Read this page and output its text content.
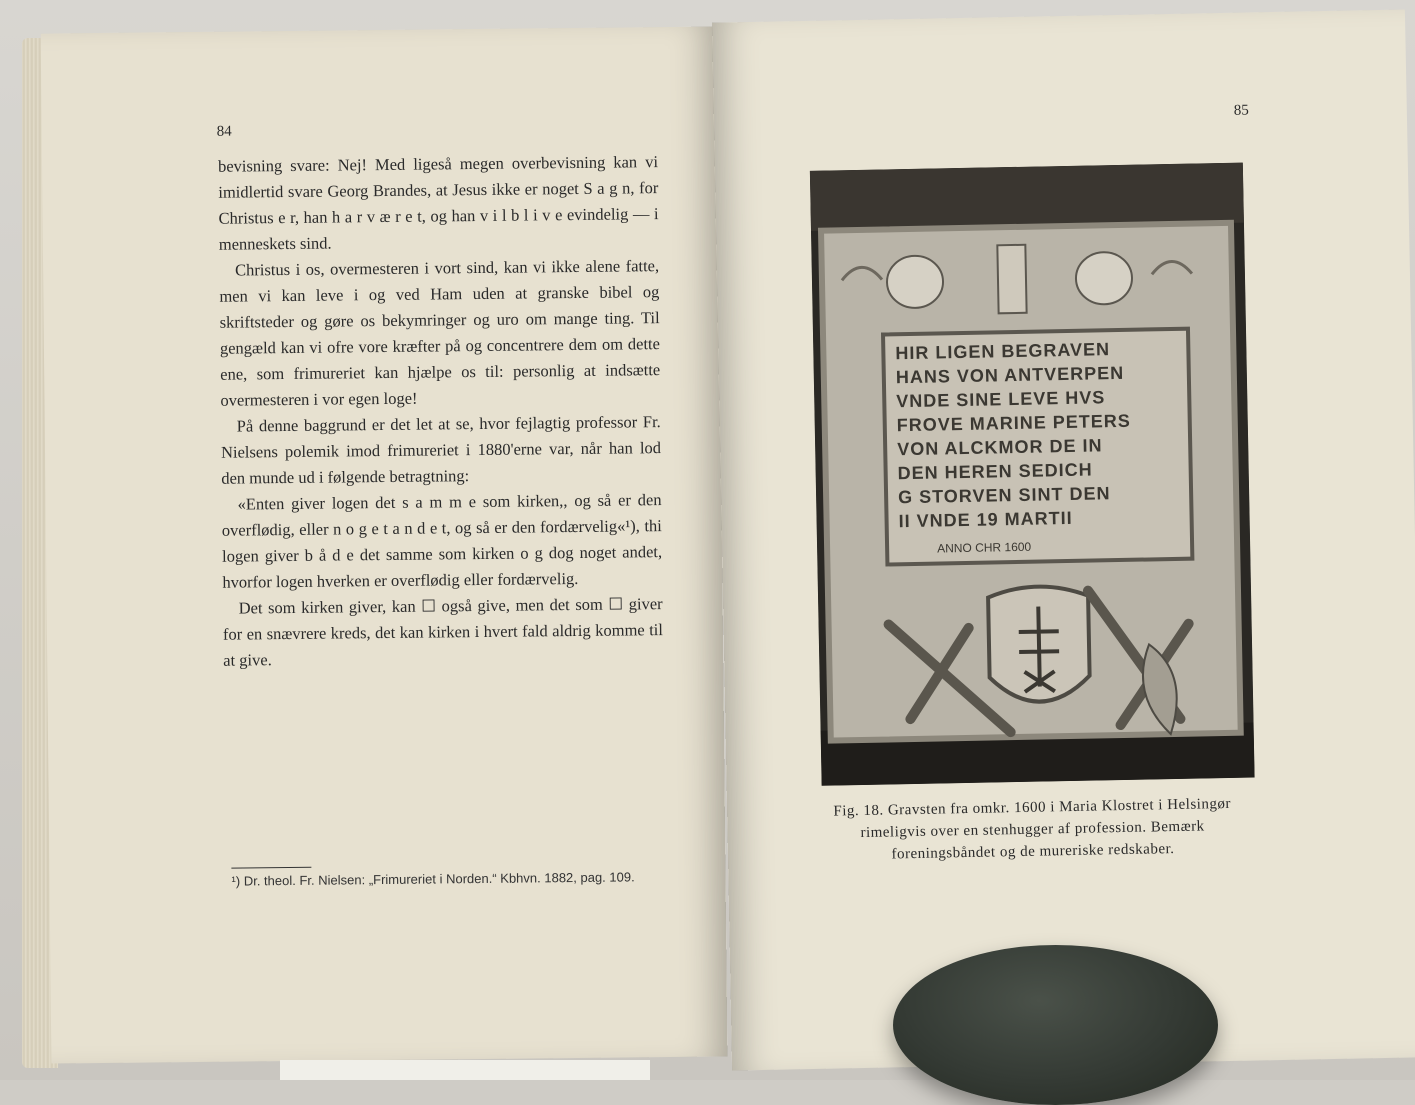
84

bevisning svare: Nej! Med ligeså megen overbevisning kan vi imidlertid svare Georg Brandes, at Jesus ikke er noget S a g n, for Christus e r, han h a r v æ r e t, og han v i l b l i v e evindelig — i menneskets sind.

Christus i os, overmesteren i vort sind, kan vi ikke alene fatte, men vi kan leve i og ved Ham uden at granske bibel og skriftsteder og gøre os bekymringer og uro om mange ting. Til gengæld kan vi ofre vore kræfter på og concentrere dem om dette ene, som frimureriet kan hjælpe os til: personlig at indsætte overmesteren i vor egen loge!

På denne baggrund er det let at se, hvor fejlagtig professor Fr. Nielsens polemik imod frimureriet i 1880'erne var, når han lod den munde ud i følgende betragtning:

«Enten giver logen det s a m m e som kirken,, og så er den overflødig, eller n o g e t a n d e t, og så er den fordærvelig«¹), thi logen giver b å d e det samme som kirken o g dog noget andet, hvorfor logen hverken er overflødig eller fordærvelig.

Det som kirken giver, kan ☐ også give, men det som ☐ giver for en snævrere kreds, det kan kirken i hvert fald aldrig komme til at give.

¹) Dr. theol. Fr. Nielsen: „Frimureriet i Norden.“ Kbhvn. 1882, pag. 109.
85
HIR LIGEN BEGRAVEN
HANS VON ANTVERPEN
VNDE SINE LEVE HVS
FROVE MARINE PETERS
VON ALCKMOR DE IN
DEN HEREN SEDICH
G STORVEN SINT DEN
II VNDE 19 MARTII
ANNO CHR 1600
Fig. 18. Gravsten fra omkr. 1600 i Maria Klostret i Helsingør
rimeligvis over en stenhugger af profession. Bemærk
foreningsbåndet og de mureriske redskaber.
